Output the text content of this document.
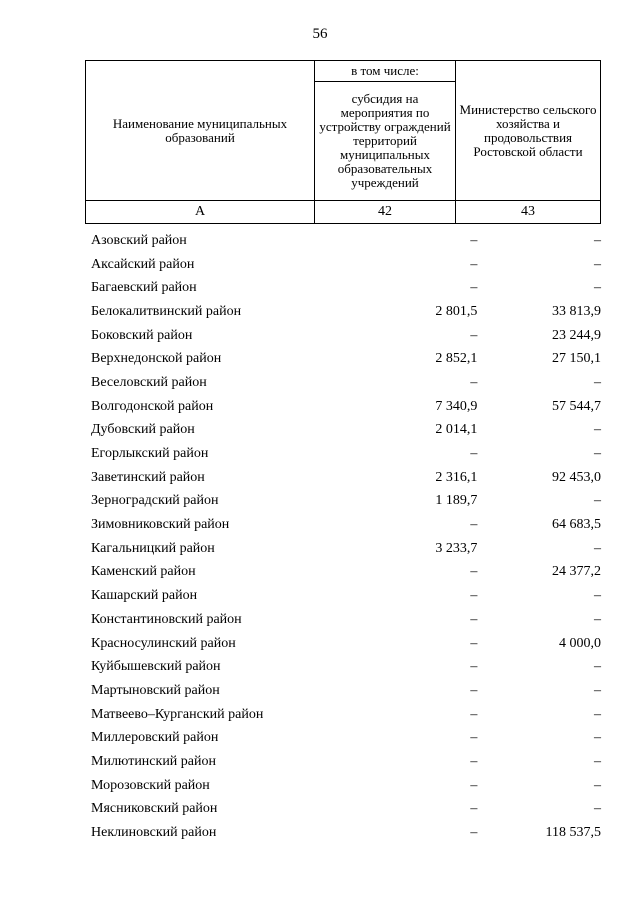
56
Наименование муниципальных образований	в том числе:	Министерство сельского хозяйства и продовольствия Ростовской области
	субсидия на мероприятия по устройству ограждений территорий муниципальных образовательных учреждений	
А	42	43
Азовский район	–	–
Аксайский район	–	–
Багаевский район	–	–
Белокалитвинский район	2 801,5	33 813,9
Боковский район	–	23 244,9
Верхнедонской район	2 852,1	27 150,1
Веселовский район	–	–
Волгодонской район	7 340,9	57 544,7
Дубовский район	2 014,1	–
Егорлыкский район	–	–
Заветинский район	2 316,1	92 453,0
Зерноградский район	1 189,7	–
Зимовниковский район	–	64 683,5
Кагальницкий район	3 233,7	–
Каменский район	–	24 377,2
Кашарский район	–	–
Константиновский район	–	–
Красносулинский район	–	4 000,0
Куйбышевский район	–	–
Мартыновский район	–	–
Матвеево–Курганский район	–	–
Миллеровский район	–	–
Милютинский район	–	–
Морозовский район	–	–
Мясниковский район	–	–
Неклиновский район	–	118 537,5
